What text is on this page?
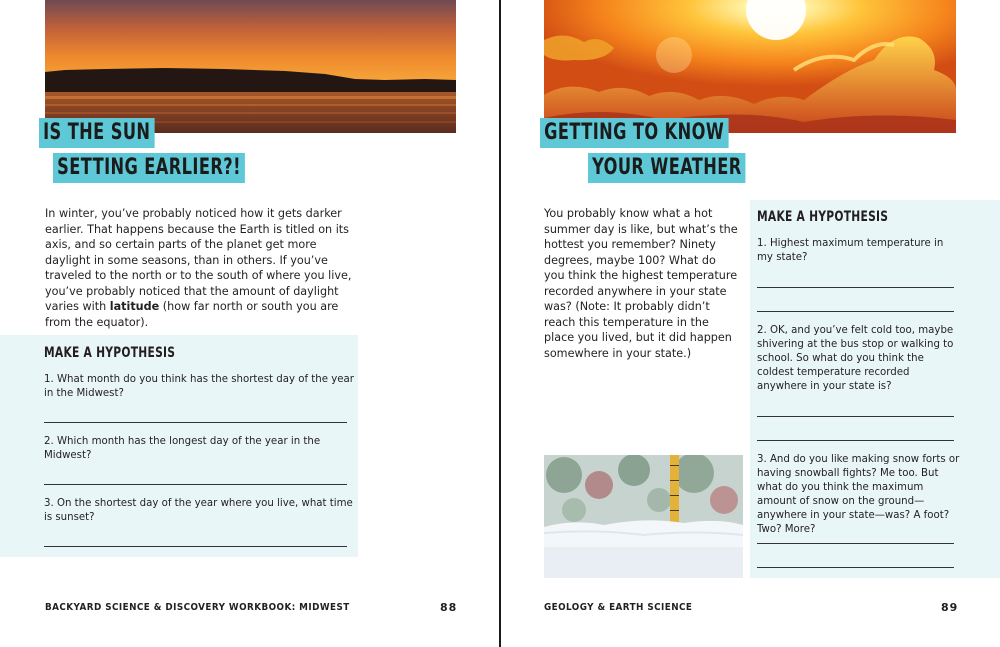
IS THE SUN
SETTING EARLIER?!

In winter, you’ve probably noticed how it gets darker earlier. That happens because the Earth is titled on its axis, and so certain parts of the planet get more daylight in some seasons, than in others. If you’ve traveled to the north or to the south of where you live, you’ve probably noticed that the amount of daylight varies with latitude (how far north or south you are from the equator).

MAKE A HYPOTHESIS
1. What month do you think has the shortest day of the year in the Midwest?
2. Which month has the longest day of the year in the Midwest?
3. On the shortest day of the year where you live, what time is sunset?
BACKYARD SCIENCE & DISCOVERY WORKBOOK: MIDWEST	88
GETTING TO KNOW
YOUR WEATHER

You probably know what a hot summer day is like, but what’s the hottest you remember? Ninety degrees, maybe 100? What do you think the highest temperature recorded anywhere in your state was? (Note: It probably didn’t reach this temperature in the place you lived, but it did happen somewhere in your state.)

MAKE A HYPOTHESIS
1. Highest maximum temperature in my state?
2. OK, and you’ve felt cold too, maybe shivering at the bus stop or walking to school. So what do you think the coldest temperature recorded anywhere in your state is?
3. And do you like making snow forts or having snowball fights? Me too. But what do you think the maximum amount of snow on the ground—anywhere in your state—was? A foot? Two? More?
GEOLOGY & EARTH SCIENCE	89
